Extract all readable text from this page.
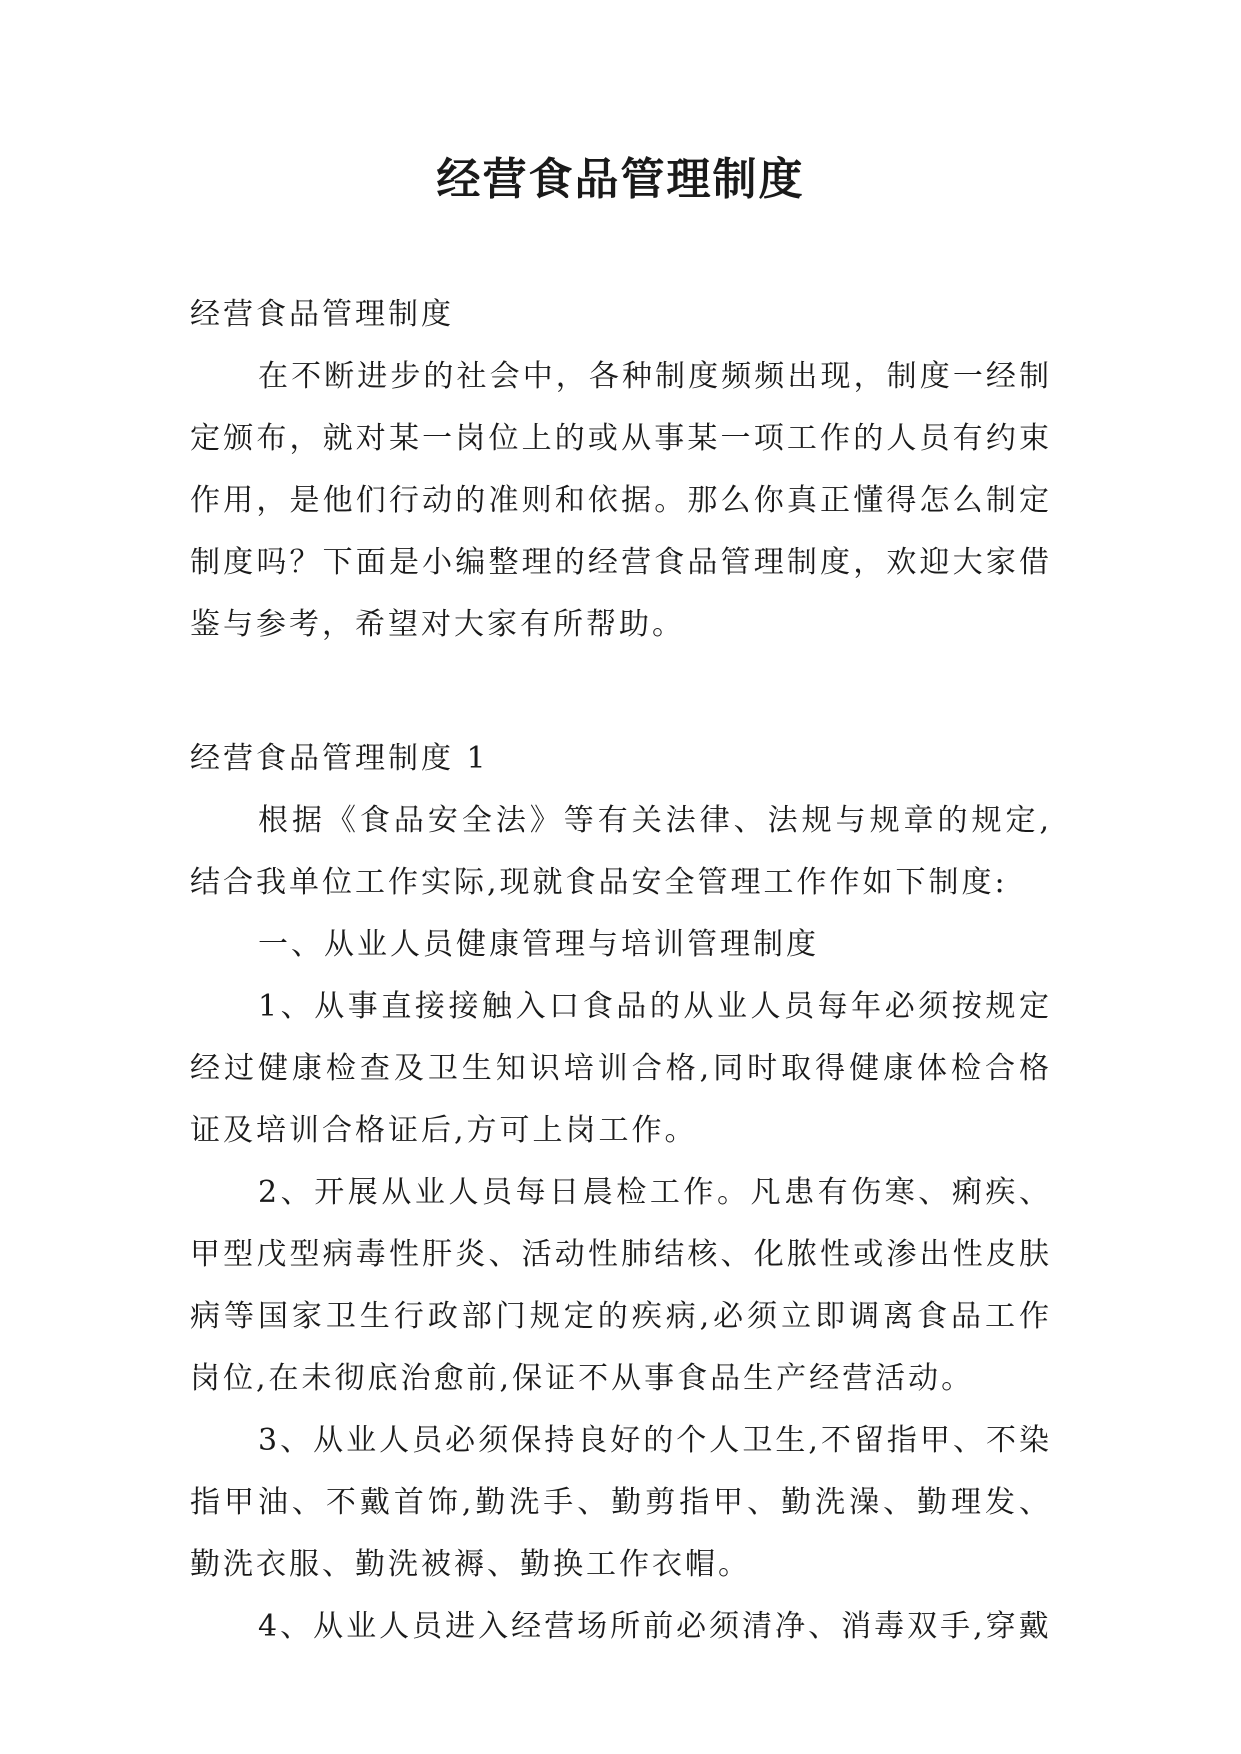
经营食品管理制度

经营食品管理制度

在不断进步的社会中，各种制度频频出现，制度一经制定颁布，就对某一岗位上的或从事某一项工作的人员有约束作用，是他们行动的准则和依据。那么你真正懂得怎么制定制度吗？下面是小编整理的经营食品管理制度，欢迎大家借鉴与参考，希望对大家有所帮助。

经营食品管理制度 1

根据《食品安全法》等有关法律、法规与规章的规定,结合我单位工作实际,现就食品安全管理工作作如下制度:

一、从业人员健康管理与培训管理制度

1、从事直接接触入口食品的从业人员每年必须按规定经过健康检查及卫生知识培训合格,同时取得健康体检合格证及培训合格证后,方可上岗工作。

2、开展从业人员每日晨检工作。凡患有伤寒、痢疾、甲型戊型病毒性肝炎、活动性肺结核、化脓性或渗出性皮肤病等国家卫生行政部门规定的疾病,必须立即调离食品工作岗位,在未彻底治愈前,保证不从事食品生产经营活动。

3、从业人员必须保持良好的个人卫生,不留指甲、不染指甲油、不戴首饰,勤洗手、勤剪指甲、勤洗澡、勤理发、勤洗衣服、勤洗被褥、勤换工作衣帽。

4、从业人员进入经营场所前必须清净、消毒双手,穿戴
